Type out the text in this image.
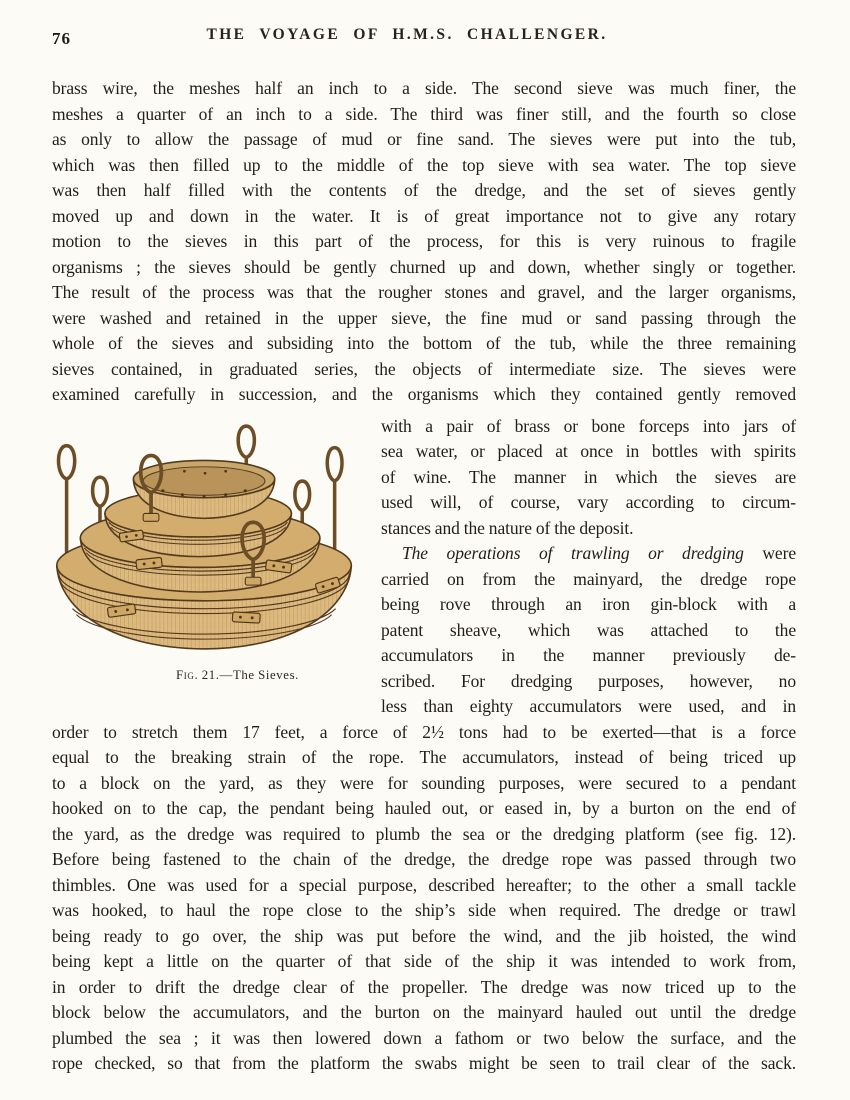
76	THE VOYAGE OF H.M.S. CHALLENGER.
brass wire, the meshes half an inch to a side. The second sieve was much finer, the
meshes a quarter of an inch to a side. The third was finer still, and the fourth so close
as only to allow the passage of mud or fine sand. The sieves were put into the tub,
which was then filled up to the middle of the top sieve with sea water. The top sieve
was then half filled with the contents of the dredge, and the set of sieves gently
moved up and down in the water. It is of great importance not to give any rotary
motion to the sieves in this part of the process, for this is very ruinous to fragile
organisms ; the sieves should be gently churned up and down, whether singly or together.
The result of the process was that the rougher stones and gravel, and the larger organisms,
were washed and retained in the upper sieve, the fine mud or sand passing through the
whole of the sieves and subsiding into the bottom of the tub, while the three remaining
sieves contained, in graduated series, the objects of intermediate size. The sieves were
examined carefully in succession, and the organisms which they contained gently removed
Fig. 21.—The Sieves.
with a pair of brass or bone forceps into jars of
sea water, or placed at once in bottles with spirits
of wine. The manner in which the sieves are
used will, of course, vary according to circum-
stances and the nature of the deposit.
The operations of trawling or dredging were
carried on from the mainyard, the dredge rope
being rove through an iron gin-block with a
patent sheave, which was attached to the
accumulators in the manner previously de-
scribed. For dredging purposes, however, no
less than eighty accumulators were used, and in
order to stretch them 17 feet, a force of 2½ tons had to be exerted—that is a force
equal to the breaking strain of the rope. The accumulators, instead of being triced up
to a block on the yard, as they were for sounding purposes, were secured to a pendant
hooked on to the cap, the pendant being hauled out, or eased in, by a burton on the end of
the yard, as the dredge was required to plumb the sea or the dredging platform (see fig. 12).
Before being fastened to the chain of the dredge, the dredge rope was passed through two
thimbles. One was used for a special purpose, described hereafter; to the other a small tackle
was hooked, to haul the rope close to the ship’s side when required. The dredge or trawl
being ready to go over, the ship was put before the wind, and the jib hoisted, the wind
being kept a little on the quarter of that side of the ship it was intended to work from,
in order to drift the dredge clear of the propeller. The dredge was now triced up to the
block below the accumulators, and the burton on the mainyard hauled out until the dredge
plumbed the sea ; it was then lowered down a fathom or two below the surface, and the
rope checked, so that from the platform the swabs might be seen to trail clear of the sack.
